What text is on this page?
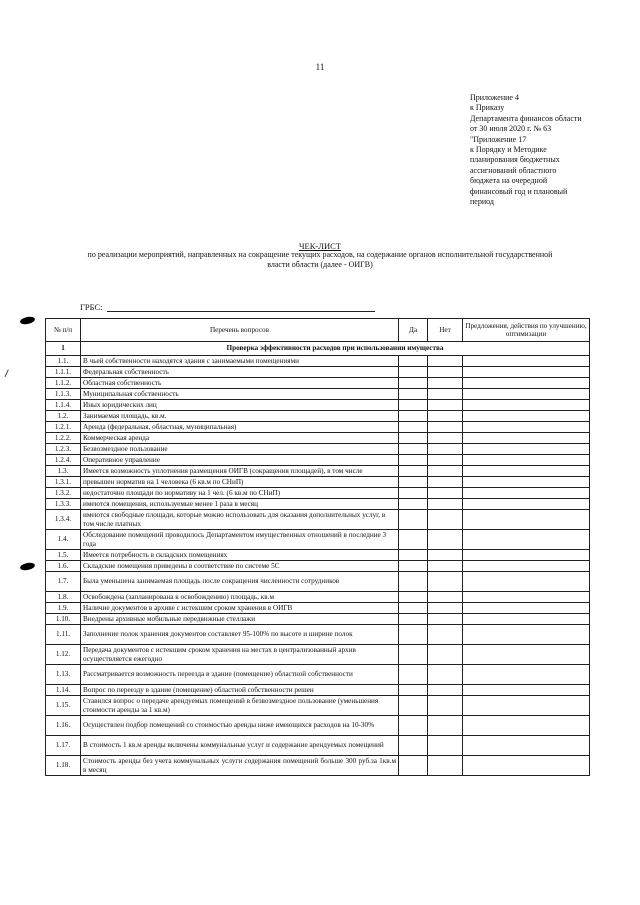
11
Приложение 4
к Приказу
Департамента финансов области
от 30 июля 2020 г. № 63
"Приложение 17
к Порядку и Методике
планирования бюджетных
ассигнований областного
бюджета на очередной
финансовый год и плановый
период
ЧЕК-ЛИСТ
по реализации мероприятий, направленных на сокращение текущих расходов, на содержание органов исполнительной государственной
власти области (далее - ОИГВ)
ГРБС:
№ п/п	Перечень вопросов	Да	Нет	Предложения, действия по улучшению, оптимизации
1	Проверка эффективности расходов при использовании имущества			
1.1.	В чьей собственности находятся здания с занимаемыми помещениями			
1.1.1.	Федеральная собственность			
1.1.2.	Областная собственность			
1.1.3.	Муниципальная собственность			
1.1.4.	Иных юридических лиц			
1.2.	Занимаемая площадь, кв.м.			
1.2.1.	Аренда (федеральная, областная, муниципальная)			
1.2.2.	Коммерческая аренда			
1.2.3.	Безвозмездное пользование			
1.2.4.	Оперативное управление			
1.3.	Имеется возможность уплотнения размещения ОИГВ (сокращения площадей), в том числе			
1.3.1.	превышен норматив на 1 человека (6 кв.м по СНиП)			
1.3.2.	недостаточно площади по нормативу на 1 чел. (6 кв.м по СНиП)			
1.3.3.	имеются помещения, используемые менее 1 раза в месяц			
1.3.4.	имеются свободные площади, которые можно использовать для оказания дополнительных услуг, в том числе платных			
1.4.	Обследование помещений проводилось Департаментом имущественных отношений в последние 3 года			
1.5.	Имеется потребность в складских помещениях			
1.6.	Складские помещения приведены в соответствие по системе 5С			
1.7.	Была уменьшена занимаемая площадь после сокращения численности сотрудников			
1.8.	Освобождена (запланирована к освобождению) площадь, кв.м			
1.9.	Наличие документов в архиве с истекшим сроком хранения в ОИГВ			
1.10.	Внедрены архивные мобильные передвижные стеллажи			
1.11.	Заполнение полок хранения документов составляет 95-100% по высоте и ширине полок			
1.12.	Передача документов с истекшим сроком хранения на местах в централизованный архив осуществляется ежегодно			
1.13.	Рассматривается возможность переезда в здание (помещение) областной собственности			
1.14.	Вопрос по переезду в здание (помещение) областной собственности решен			
1.15.	Ставился вопрос о передаче арендуемых помещений в безвозмездное пользование (уменьшения стоимости аренды за 1 кв.м)			
1.16.	Осуществлен подбор помещений со стоимостью аренды ниже имеющихся расходов на 10-30%			
1.17.	В стоимость 1 кв.м аренды включены коммунальные услуг и содержание арендуемых помещений			
1.18.	Стоимость аренды без учета коммунальных услуги содержания помещений больше 300 руб.за 1кв.м в месяц			
